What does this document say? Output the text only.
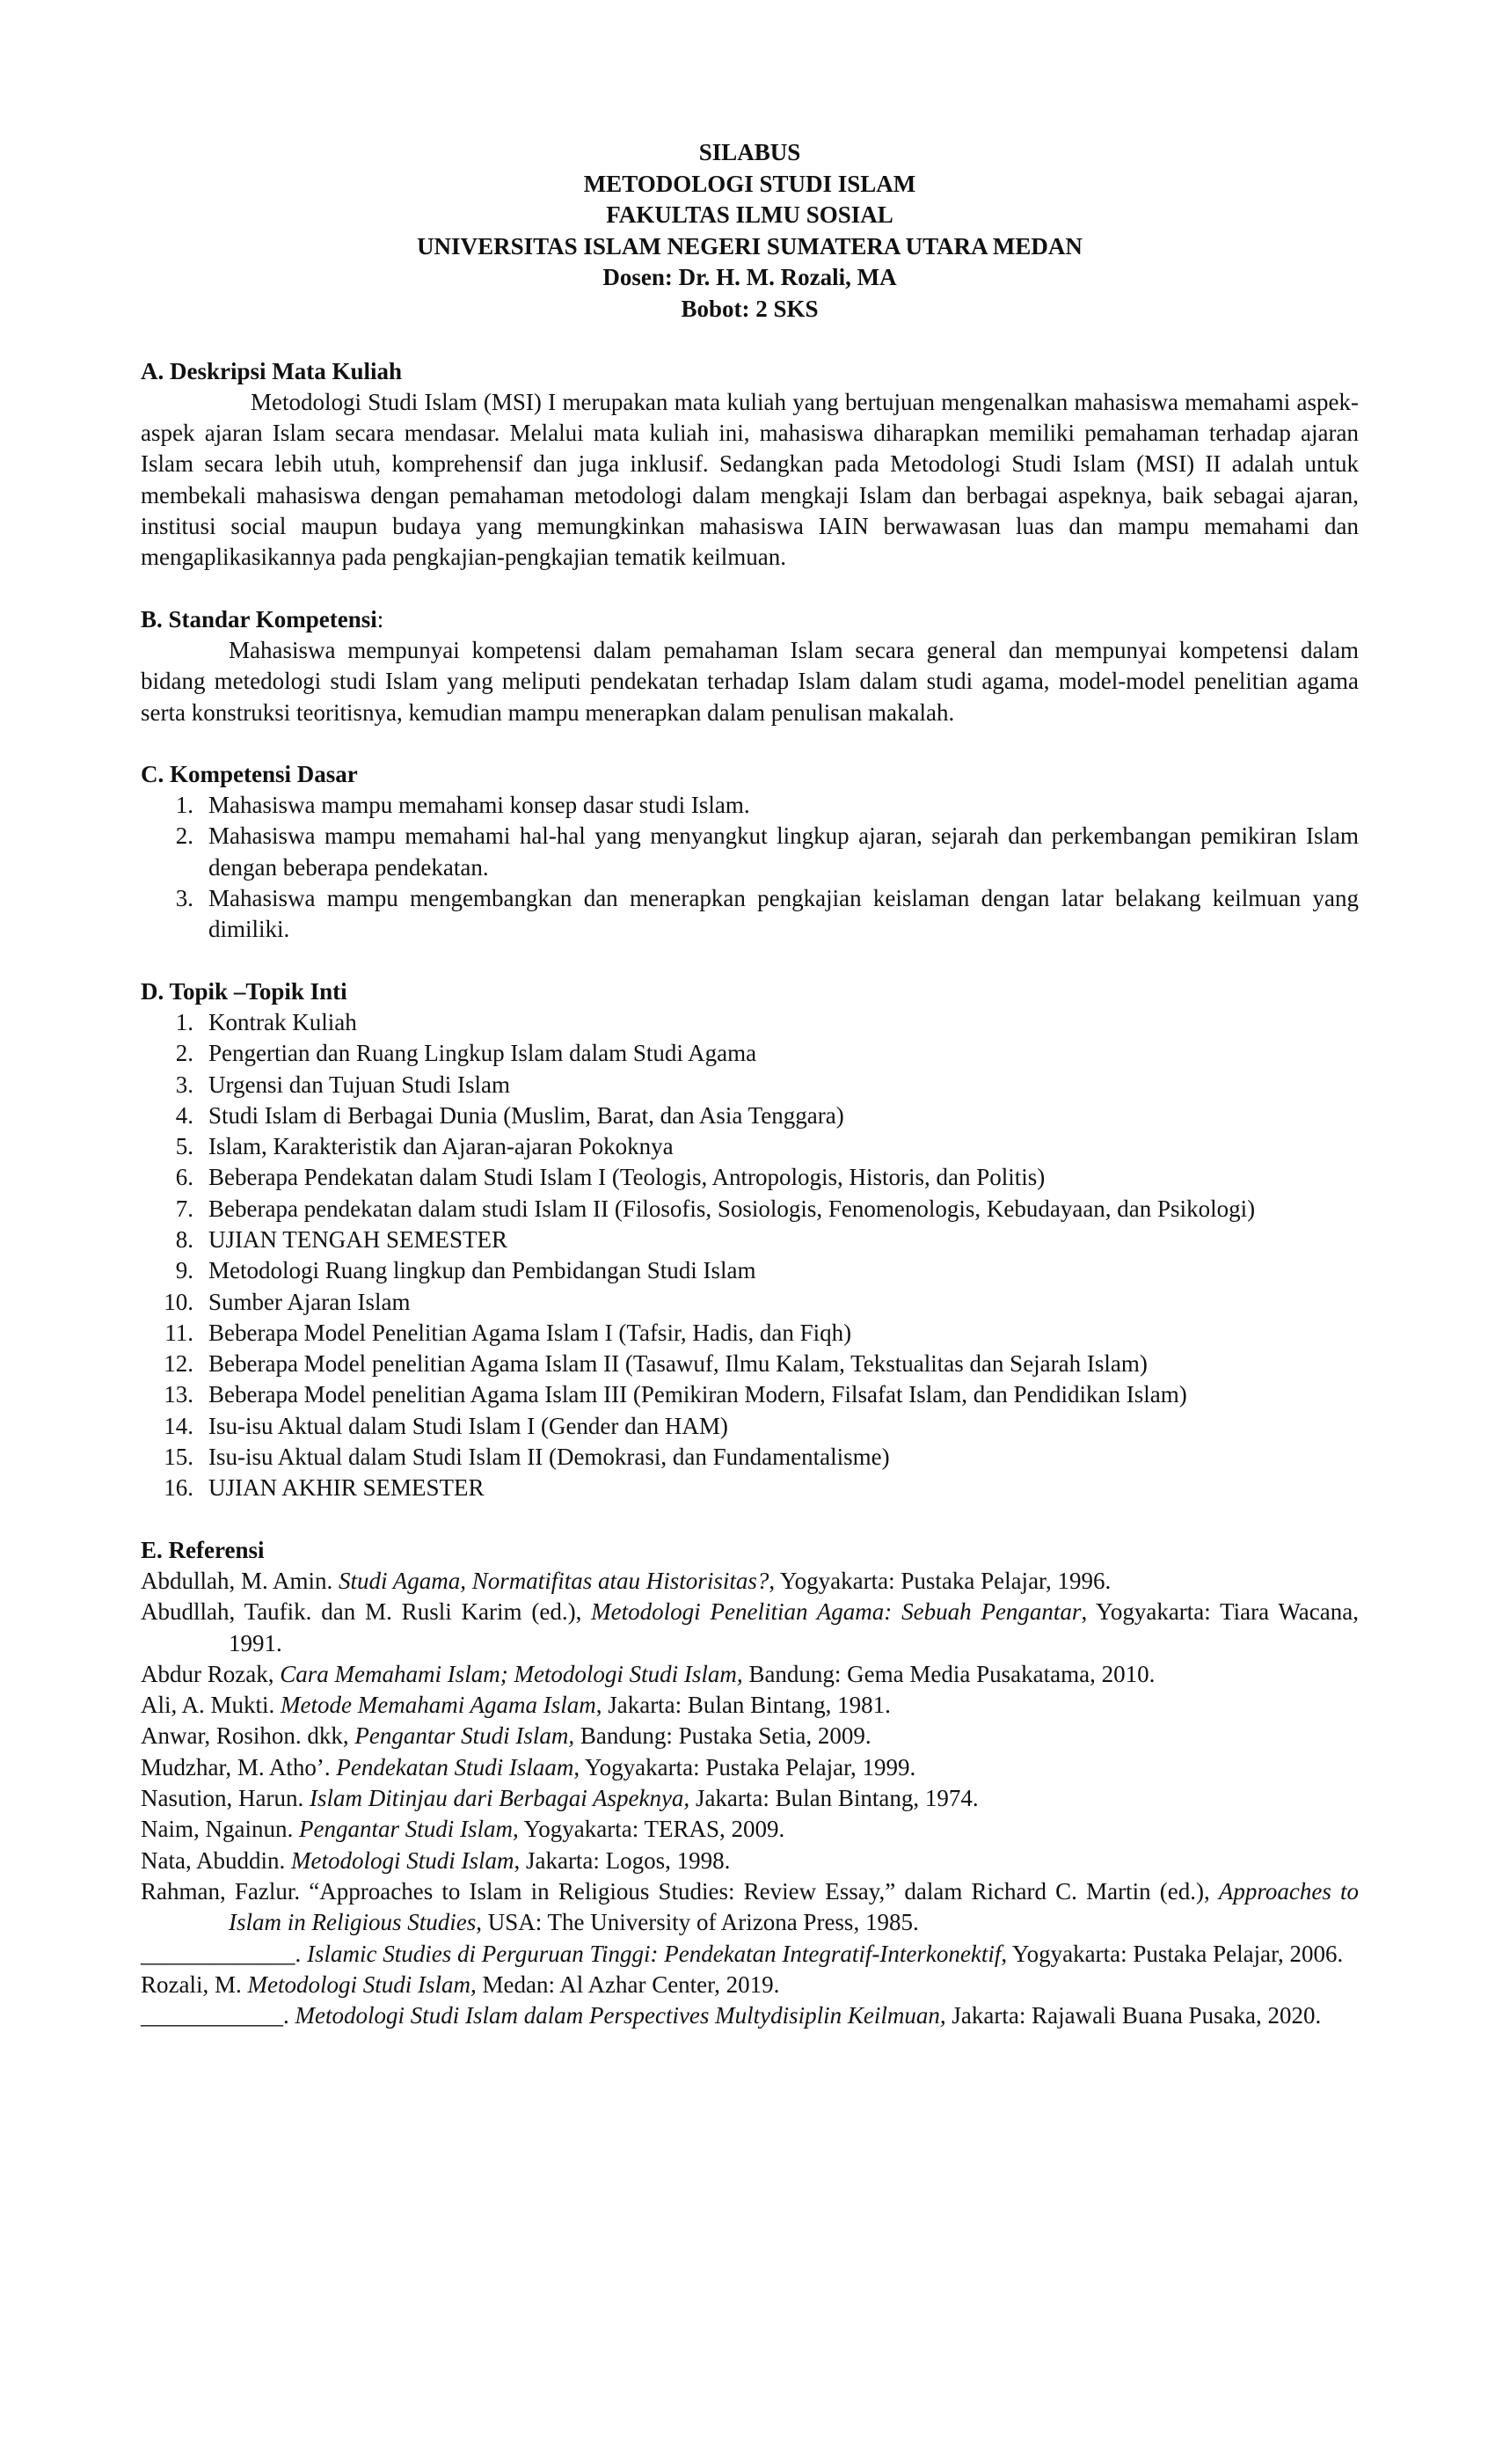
SILABUS
METODOLOGI STUDI ISLAM
FAKULTAS ILMU SOSIAL
UNIVERSITAS ISLAM NEGERI SUMATERA UTARA MEDAN
Dosen: Dr. H. M. Rozali, MA
Bobot: 2 SKS
A. Deskripsi Mata Kuliah

Metodologi Studi Islam (MSI) I merupakan mata kuliah yang bertujuan mengenalkan mahasiswa memahami aspek-aspek ajaran Islam secara mendasar. Melalui mata kuliah ini, mahasiswa diharapkan memiliki pemahaman terhadap ajaran Islam secara lebih utuh, komprehensif dan juga inklusif. Sedangkan pada Metodologi Studi Islam (MSI) II adalah untuk membekali mahasiswa dengan pemahaman metodologi dalam mengkaji Islam dan berbagai aspeknya, baik sebagai ajaran, institusi social maupun budaya yang memungkinkan mahasiswa IAIN berwawasan luas dan mampu memahami dan mengaplikasikannya pada pengkajian-pengkajian tematik keilmuan.

B. Standar Kompetensi:

Mahasiswa mempunyai kompetensi dalam pemahaman Islam secara general dan mempunyai kompetensi dalam bidang metedologi studi Islam yang meliputi pendekatan terhadap Islam dalam studi agama, model-model penelitian agama serta konstruksi teoritisnya, kemudian mampu menerapkan dalam penulisan makalah.

C. Kompetensi Dasar
1. Mahasiswa mampu memahami konsep dasar studi Islam.
2. Mahasiswa mampu memahami hal-hal yang menyangkut lingkup ajaran, sejarah dan perkembangan pemikiran Islam dengan beberapa pendekatan.
3. Mahasiswa mampu mengembangkan dan menerapkan pengkajian keislaman dengan latar belakang keilmuan yang dimiliki.
D. Topik –Topik Inti
1. Kontrak Kuliah
2. Pengertian dan Ruang Lingkup Islam dalam Studi Agama
3. Urgensi dan Tujuan Studi Islam
4. Studi Islam di Berbagai Dunia (Muslim, Barat, dan Asia Tenggara)
5. Islam, Karakteristik dan Ajaran-ajaran Pokoknya
6. Beberapa Pendekatan dalam Studi Islam I (Teologis, Antropologis, Historis, dan Politis)
7. Beberapa pendekatan dalam studi Islam II (Filosofis, Sosiologis, Fenomenologis, Kebudayaan, dan Psikologi)
8. UJIAN TENGAH SEMESTER
9. Metodologi Ruang lingkup dan Pembidangan Studi Islam
10. Sumber Ajaran Islam
11. Beberapa Model Penelitian Agama Islam I (Tafsir, Hadis, dan Fiqh)
12. Beberapa Model penelitian Agama Islam II (Tasawuf, Ilmu Kalam, Tekstualitas dan Sejarah Islam)
13. Beberapa Model penelitian Agama Islam III (Pemikiran Modern, Filsafat Islam, dan Pendidikan Islam)
14. Isu-isu Aktual dalam Studi Islam I (Gender dan HAM)
15. Isu-isu Aktual dalam Studi Islam II (Demokrasi, dan Fundamentalisme)
16. UJIAN AKHIR SEMESTER
E. Referensi
Abdullah, M. Amin. Studi Agama, Normatifitas atau Historisitas?, Yogyakarta: Pustaka Pelajar, 1996.
Abudllah, Taufik. dan M. Rusli Karim (ed.), Metodologi Penelitian Agama: Sebuah Pengantar, Yogyakarta: Tiara Wacana, 1991.
Abdur Rozak, Cara Memahami Islam; Metodologi Studi Islam, Bandung: Gema Media Pusakatama, 2010.
Ali, A. Mukti. Metode Memahami Agama Islam, Jakarta: Bulan Bintang, 1981.
Anwar, Rosihon. dkk, Pengantar Studi Islam, Bandung: Pustaka Setia, 2009.
Mudzhar, M. Atho’. Pendekatan Studi Islaam, Yogyakarta: Pustaka Pelajar, 1999.
Nasution, Harun. Islam Ditinjau dari Berbagai Aspeknya, Jakarta: Bulan Bintang, 1974.
Naim, Ngainun. Pengantar Studi Islam, Yogyakarta: TERAS, 2009.
Nata, Abuddin. Metodologi Studi Islam, Jakarta: Logos, 1998.
Rahman, Fazlur. “Approaches to Islam in Religious Studies: Review Essay,” dalam Richard C. Martin (ed.), Approaches to Islam in Religious Studies, USA: The University of Arizona Press, 1985.
_____________. Islamic Studies di Perguruan Tinggi: Pendekatan Integratif-Interkonektif, Yogyakarta: Pustaka Pelajar, 2006.
Rozali, M. Metodologi Studi Islam, Medan: Al Azhar Center, 2019.
____________. Metodologi Studi Islam dalam Perspectives Multydisiplin Keilmuan, Jakarta: Rajawali Buana Pusaka, 2020.
